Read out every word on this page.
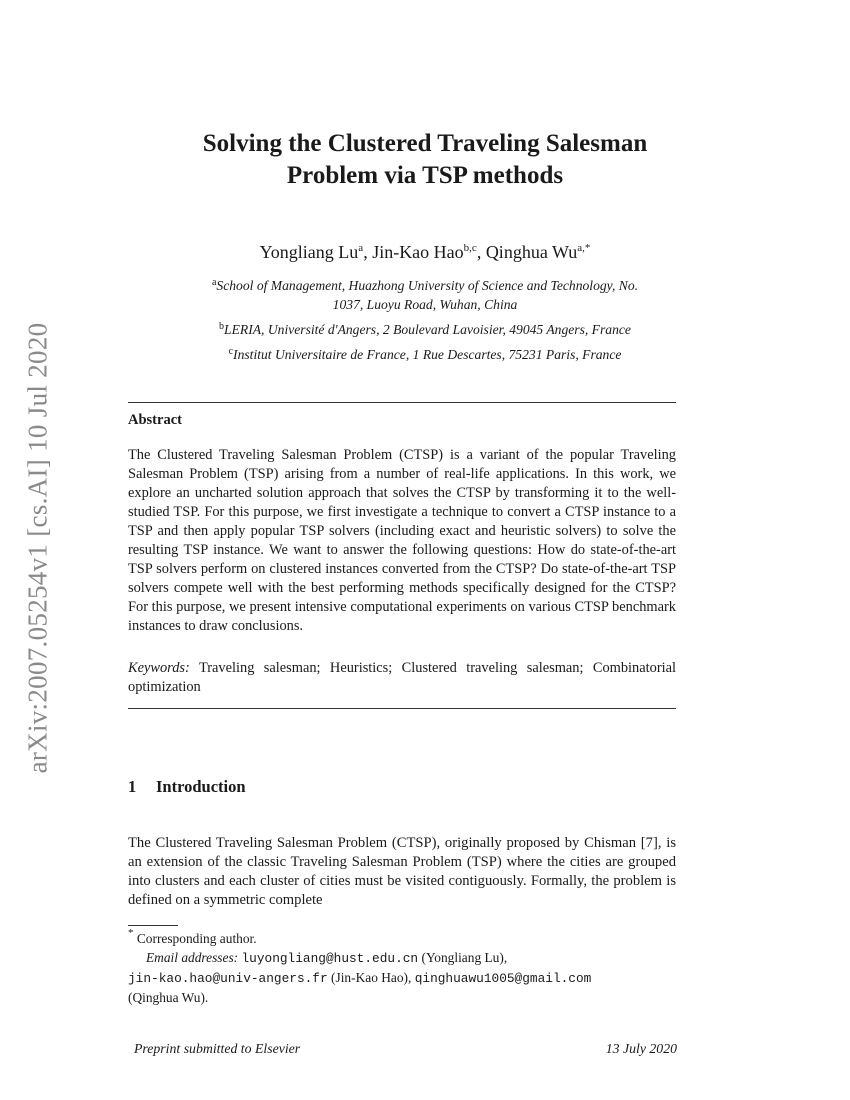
arXiv:2007.05254v1 [cs.AI] 10 Jul 2020
Solving the Clustered Traveling Salesman
Problem via TSP methods
Yongliang Lu$^a$, Jin-Kao Hao$^{b,c}$, Qinghua $Wu^{a,*}$
$^a$School of Management, Huazhong University of Science and Technology, No.
1037, Luoyu Road, Wuhan, China
$^b$LERIA, Université d'Angers, 2 Boulevard Lavoisier, 49045 Angers, France
$^c$Institut Universitaire de France, 1 Rue Descartes, 75231 Paris, France
Abstract
The Clustered Traveling Salesman Problem (CTSP) is a variant of the popular Traveling Salesman Problem (TSP) arising from a number of real-life applications. In this work, we explore an uncharted solution approach that solves the CTSP by transforming it to the well-studied TSP. For this purpose, we first investigate a technique to convert a CTSP instance to a TSP and then apply popular TSP solvers (including exact and heuristic solvers) to solve the resulting TSP instance. We want to answer the following questions: How do state-of-the-art TSP solvers perform on clustered instances converted from the CTSP? Do state-of-the-art TSP solvers compete well with the best performing methods specifically designed for the CTSP? For this purpose, we present intensive computational experiments on various CTSP benchmark instances to draw conclusions.
Keywords: Traveling salesman; Heuristics; Clustered traveling salesman; Combinatorial optimization
1 Introduction
The Clustered Traveling Salesman Problem (CTSP), originally proposed by Chisman [7], is an extension of the classic Traveling Salesman Problem (TSP) where the cities are grouped into clusters and each cluster of cities must be visited contiguously. Formally, the problem is defined on a symmetric complete
* Corresponding author.
Email addresses: luyongliang@hust.edu.cn (Yongliang Lu),
jin-kao.hao@univ-angers.fr (Jin-Kao Hao), qinghuawu1005@gmail.com
(Qinghua Wu).
Preprint submitted to Elsevier	13 July 2020
